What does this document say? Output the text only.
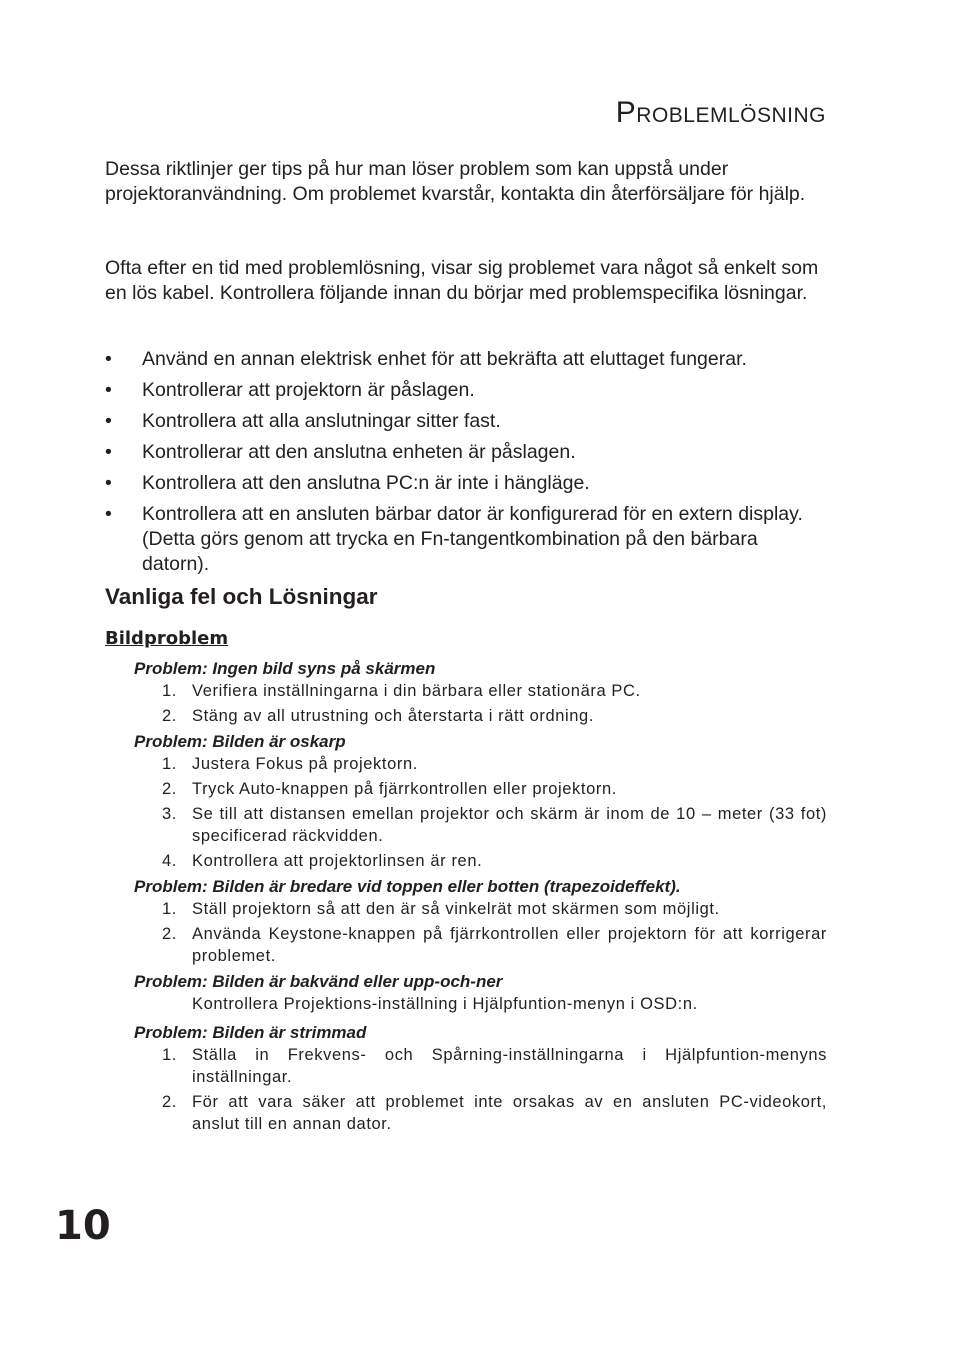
Problemlösning

Dessa riktlinjer ger tips på hur man löser problem som kan uppstå under projektoranvändning. Om problemet kvarstår, kontakta din återförsäljare för hjälp.

Ofta efter en tid med problemlösning, visar sig problemet vara något så enkelt som en lös kabel. Kontrollera följande innan du börjar med problemspecifika lösningar.

• Använd en annan elektrisk enhet för att bekräfta att eluttaget fungerar.
• Kontrollerar att projektorn är påslagen.
• Kontrollera att alla anslutningar sitter fast.
• Kontrollerar att den anslutna enheten är påslagen.
• Kontrollera att den anslutna PC:n är inte i hängläge.
• Kontrollera att en ansluten bärbar dator är konfigurerad för en extern display. (Detta görs genom att trycka en Fn-tangentkombination på den bärbara datorn).
Vanliga fel och Lösningar
Bildproblem

Problem: Ingen bild syns på skärmen

1. Verifiera inställningarna i din bärbara eller stationära PC.
2. Stäng av all utrustning och återstarta i rätt ordning.

Problem: Bilden är oskarp

1. Justera Fokus på projektorn.
2. Tryck Auto-knappen på fjärrkontrollen eller projektorn.
3. Se till att distansen emellan projektor och skärm är inom de 10 – meter (33 fot) specificerad räckvidden.
4. Kontrollera att projektorlinsen är ren.

Problem: Bilden är bredare vid toppen eller botten (trapezoideffekt).

1. Ställ projektorn så att den är så vinkelrät mot skärmen som möjligt.
2. Använda Keystone-knappen på fjärrkontrollen eller projektorn för att korrigerar problemet.

Problem: Bilden är bakvänd eller upp-och-ner

Kontrollera Projektions-inställning i Hjälpfuntion-menyn i OSD:n.

Problem: Bilden är strimmad

1. Ställa in Frekvens- och Spårning-inställningarna i Hjälpfuntion-menyns inställningar.
2. För att vara säker att problemet inte orsakas av en ansluten PC-videokort, anslut till en annan dator.

10
